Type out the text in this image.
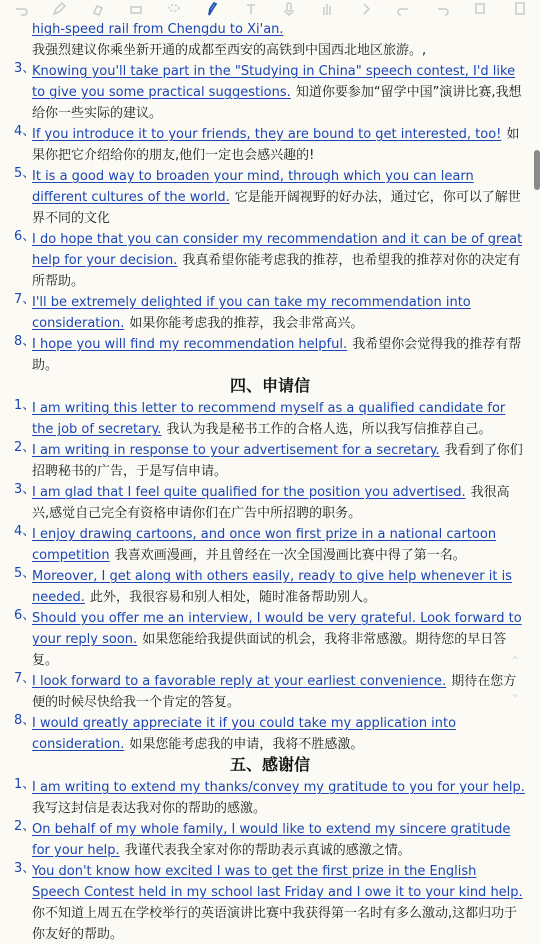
high-speed rail from Chengdu to Xi'an.
我强烈建议你乘坐新开通的成都至西安的高铁到中国西北地区旅游。,
3、
Knowing you'll take part in the "Studying in China" speech contest, I'd like to give you some practical suggestions. 知道你要参加“留学中国”演讲比赛,我想给你一些实际的建议。
4、
If you introduce it to your friends, they are bound to get interested, too! 如果你把它介绍给你的朋友,他们一定也会感兴趣的!
5、
It is a good way to broaden your mind, through which you can learn different cultures of the world. 它是能开阔视野的好办法，通过它，你可以了解世界不同的文化
6、
I do hope that you can consider my recommendation and it can be of great help for your decision. 我真希望你能考虑我的推荐，也希望我的推荐对你的决定有所帮助。
7、
I'll be extremely delighted if you can take my recommendation into consideration. 如果你能考虑我的推荐，我会非常高兴。
8、
I hope you will find my recommendation helpful. 我希望你会觉得我的推荐有帮助。
四、申请信
1、
I am writing this letter to recommend myself as a qualified candidate for the job of secretary. 我认为我是秘书工作的合格人选，所以我写信推荐自己。
2、
I am writing in response to your advertisement for a secretary. 我看到了你们招聘秘书的广告，于是写信申请。
3、
I am glad that I feel quite qualified for the position you advertised. 我很高兴,感觉自己完全有资格申请你们在广告中所招聘的职务。
4、
I enjoy drawing cartoons, and once won first prize in a national cartoon competition 我喜欢画漫画，并且曾经在一次全国漫画比赛中得了第一名。
5、
Moreover, I get along with others easily, ready to give help whenever it is needed. 此外，我很容易和别人相处，随时准备帮助别人。
6、
Should you offer me an interview, I would be very grateful. Look forward to your reply soon. 如果您能给我提供面试的机会，我将非常感激。期待您的早日答复。
7、
I look forward to a favorable reply at your earliest convenience. 期待在您方便的时候尽快给我一个肯定的答复。
8、
I would greatly appreciate it if you could take my application into consideration. 如果您能考虑我的申请，我将不胜感激。
五、感谢信
1、
I am writing to extend my thanks/convey my gratitude to you for your help. 我写这封信是表达我对你的帮助的感激。
2、
On behalf of my whole family, I would like to extend my sincere gratitude for your help. 我谨代表我全家对你的帮助表示真诚的感激之情。
3、
You don't know how excited I was to get the first prize in the English Speech Contest held in my school last Friday and I owe it to your kind help. 你不知道上周五在学校举行的英语演讲比赛中我获得第一名时有多么激动,这都归功于你友好的帮助。
⌃
⌄
